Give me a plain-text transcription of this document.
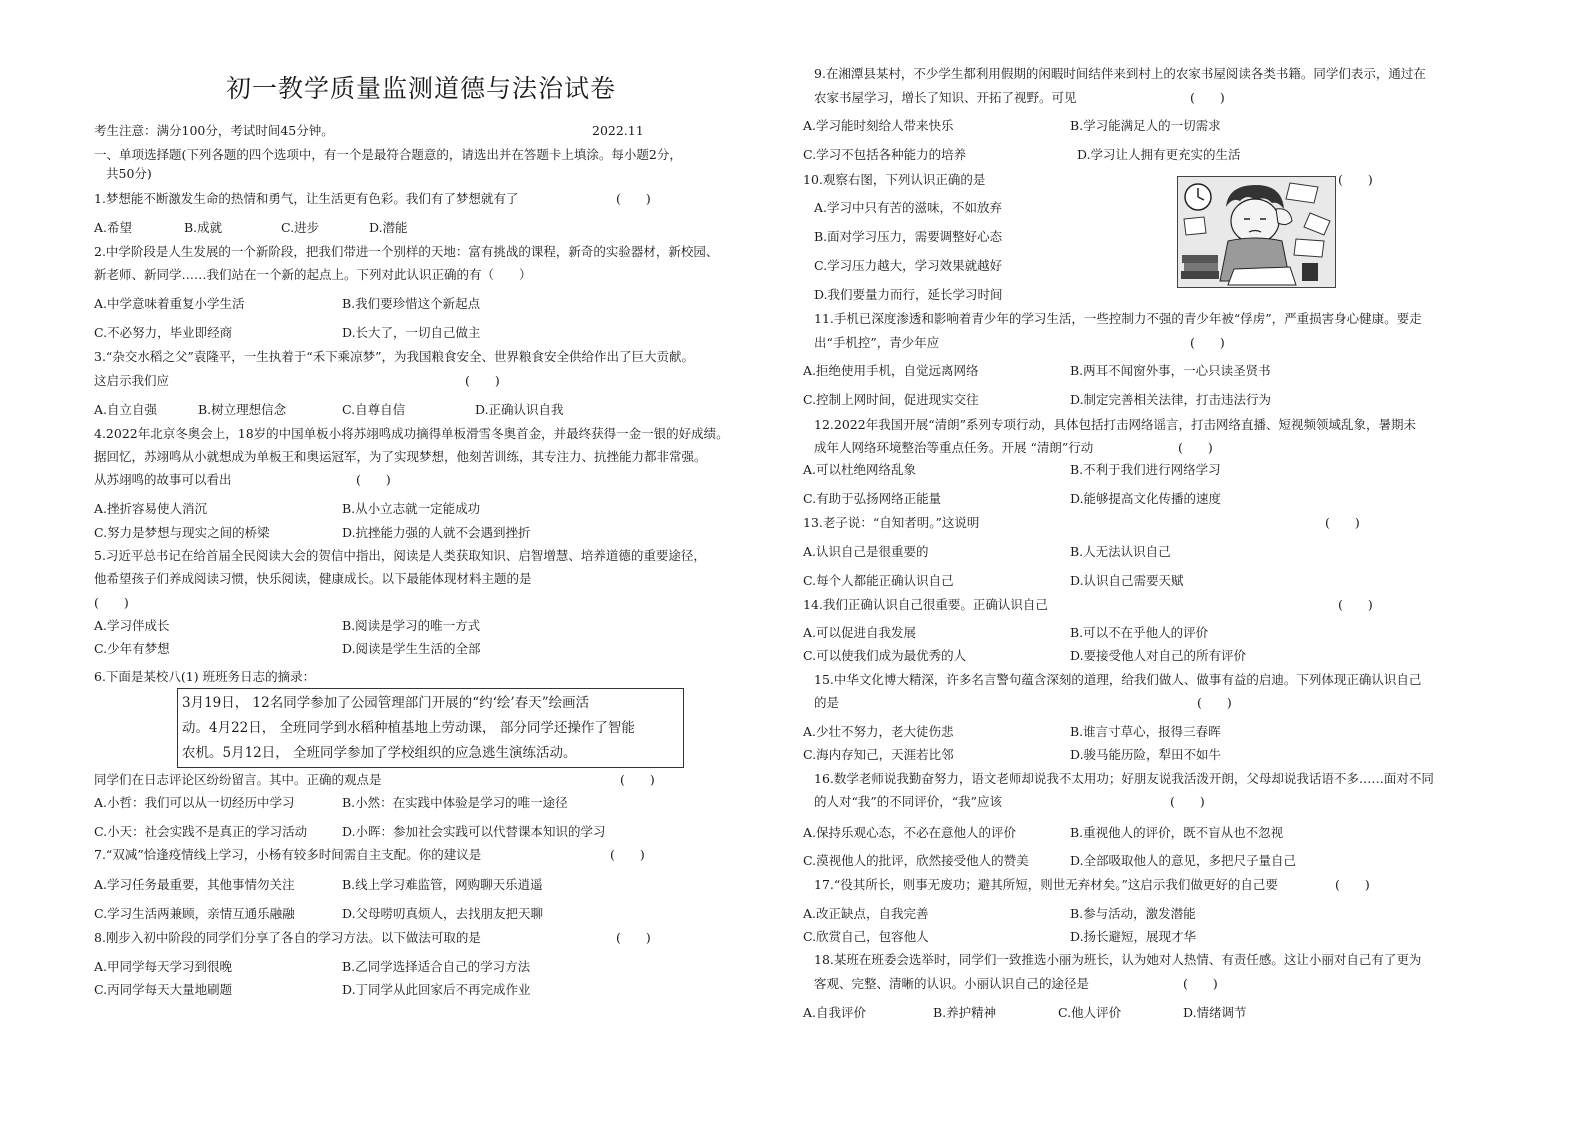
初一教学质量监测道德与法治试卷
考生注意：满分100分，考试时间45分钟。	2022.11
一、单项选择题(下列各题的四个选项中，有一个是最符合题意的，请选出并在答题卡上填涂。每小题2分，
共50分)
1.梦想能不断激发生命的热情和勇气，让生活更有色彩。我们有了梦想就有了	(　　)
A.希望	B.成就	C.进步	D.潜能
2.中学阶段是人生发展的一个新阶段，把我们带进一个别样的天地：富有挑战的课程，新奇的实验器材，新校园、
新老师、新同学……我们站在一个新的起点上。下列对此认识正确的有（　　）
A.中学意味着重复小学生活	B.我们要珍惜这个新起点
C.不必努力，毕业即经商	D.长大了，一切自己做主
3.“杂交水稻之父”袁隆平，一生执着于“禾下乘凉梦”，为我国粮食安全、世界粮食安全供给作出了巨大贡献。
这启示我们应	(　　)
A.自立自强	B.树立理想信念	C.自尊自信	D.正确认识自我
4.2022年北京冬奥会上，18岁的中国单板小将苏翊鸣成功摘得单板滑雪冬奥首金，并最终获得一金一银的好成绩。
据回忆，苏翊鸣从小就想成为单板王和奥运冠军，为了实现梦想，他刻苦训练，其专注力、抗挫能力都非常强。
从苏翊鸣的故事可以看出	(　　)
A.挫折容易使人消沉	B.从小立志就一定能成功
C.努力是梦想与现实之间的桥梁	D.抗挫能力强的人就不会遇到挫折
5.习近平总书记在给首届全民阅读大会的贺信中指出，阅读是人类获取知识、启智增慧、培养道德的重要途径，
他希望孩子们养成阅读习惯，快乐阅读，健康成长。以下最能体现材料主题的是
(　　)
A.学习伴成长	B.阅读是学习的唯一方式
C.少年有梦想	D.阅读是学生生活的全部
6.下面是某校八(1) 班班务日志的摘录：
3月19日， 12名同学参加了公园管理部门开展的“约‘绘’春天”绘画活
动。4月22日， 全班同学到水稻种植基地上劳动课， 部分同学还操作了智能
农机。5月12日， 全班同学参加了学校组织的应急逃生演练活动。
同学们在日志评论区纷纷留言。其中。正确的观点是	(　　)
A.小哲：我们可以从一切经历中学习	B.小然：在实践中体验是学习的唯一途径
C.小天：社会实践不是真正的学习活动	D.小晖：参加社会实践可以代替课本知识的学习
7.“双减”恰逢疫情线上学习，小杨有较多时间需自主支配。你的建议是	(　　)
A.学习任务最重要，其他事情勿关注	B.线上学习难监管，网购聊天乐逍遥
C.学习生活两兼顾，亲情互通乐融融	D.父母唠叨真烦人，去找朋友把天聊
8.刚步入初中阶段的同学们分享了各自的学习方法。以下做法可取的是	(　　)
A.甲同学每天学习到很晚	B.乙同学选择适合自己的学习方法
C.丙同学每天大量地刷题	D.丁同学从此回家后不再完成作业
9.在湘潭县某村，不少学生都利用假期的闲暇时间结伴来到村上的农家书屋阅读各类书籍。同学们表示，通过在
农家书屋学习，增长了知识、开拓了视野。可见	(　　)
A.学习能时刻给人带来快乐	B.学习能满足人的一切需求
C.学习不包括各种能力的培养	D.学习让人拥有更充实的生活
10.观察右图，下列认识正确的是	(　　)
A.学习中只有苦的滋味，不如放弃
B.面对学习压力，需要调整好心态
C.学习压力越大，学习效果就越好
D.我们要量力而行，延长学习时间
11.手机已深度渗透和影响着青少年的学习生活，一些控制力不强的青少年被“俘虏”，严重损害身心健康。要走
出“手机控”，青少年应	(　　)
A.拒绝使用手机，自觉远离网络	B.两耳不闻窗外事，一心只读圣贤书
C.控制上网时间，促进现实交往	D.制定完善相关法律，打击违法行为
12.2022年我国开展“清朗”系列专项行动，具体包括打击网络谣言，打击网络直播、短视频领域乱象，暑期未
成年人网络环境整治等重点任务。开展 “清朗”行动	(　　)
A.可以杜绝网络乱象	B.不利于我们进行网络学习
C.有助于弘扬网络正能量	D.能够提高文化传播的速度
13.老子说：“自知者明。”这说明	(　　)
A.认识自己是很重要的	B.人无法认识自己
C.每个人都能正确认识自己	D.认识自己需要天赋
14.我们正确认识自己很重要。正确认识自己	(　　)
A.可以促进自我发展	B.可以不在乎他人的评价
C.可以使我们成为最优秀的人	D.要接受他人对自己的所有评价
15.中华文化博大精深，许多名言警句蕴含深刻的道理，给我们做人、做事有益的启迪。下列体现正确认识自己
的是	(　　)
A.少壮不努力，老大徒伤悲	B.谁言寸草心，报得三春晖
C.海内存知己，天涯若比邻	D.骏马能历险，犁田不如牛
16.数学老师说我勤奋努力，语文老师却说我不太用功；好朋友说我活泼开朗，父母却说我话语不多……面对不同
的人对“我”的不同评价，“我”应该	(　　)
A.保持乐观心态，不必在意他人的评价	B.重视他人的评价，既不盲从也不忽视
C.漠视他人的批评，欣然接受他人的赞美	D.全部吸取他人的意见，多把尺子量自己
17.“役其所长，则事无废功；避其所短，则世无弃材矣。”这启示我们做更好的自己要	(　　)
A.改正缺点，自我完善	B.参与活动，激发潜能
C.欣赏自己，包容他人	D.扬长避短，展现才华
18.某班在班委会选举时，同学们一致推选小丽为班长，认为她对人热情、有责任感。这让小丽对自己有了更为
客观、完整、清晰的认识。小丽认识自己的途径是	(　　)
A.自我评价	B.养护精神	C.他人评价	D.情绪调节
